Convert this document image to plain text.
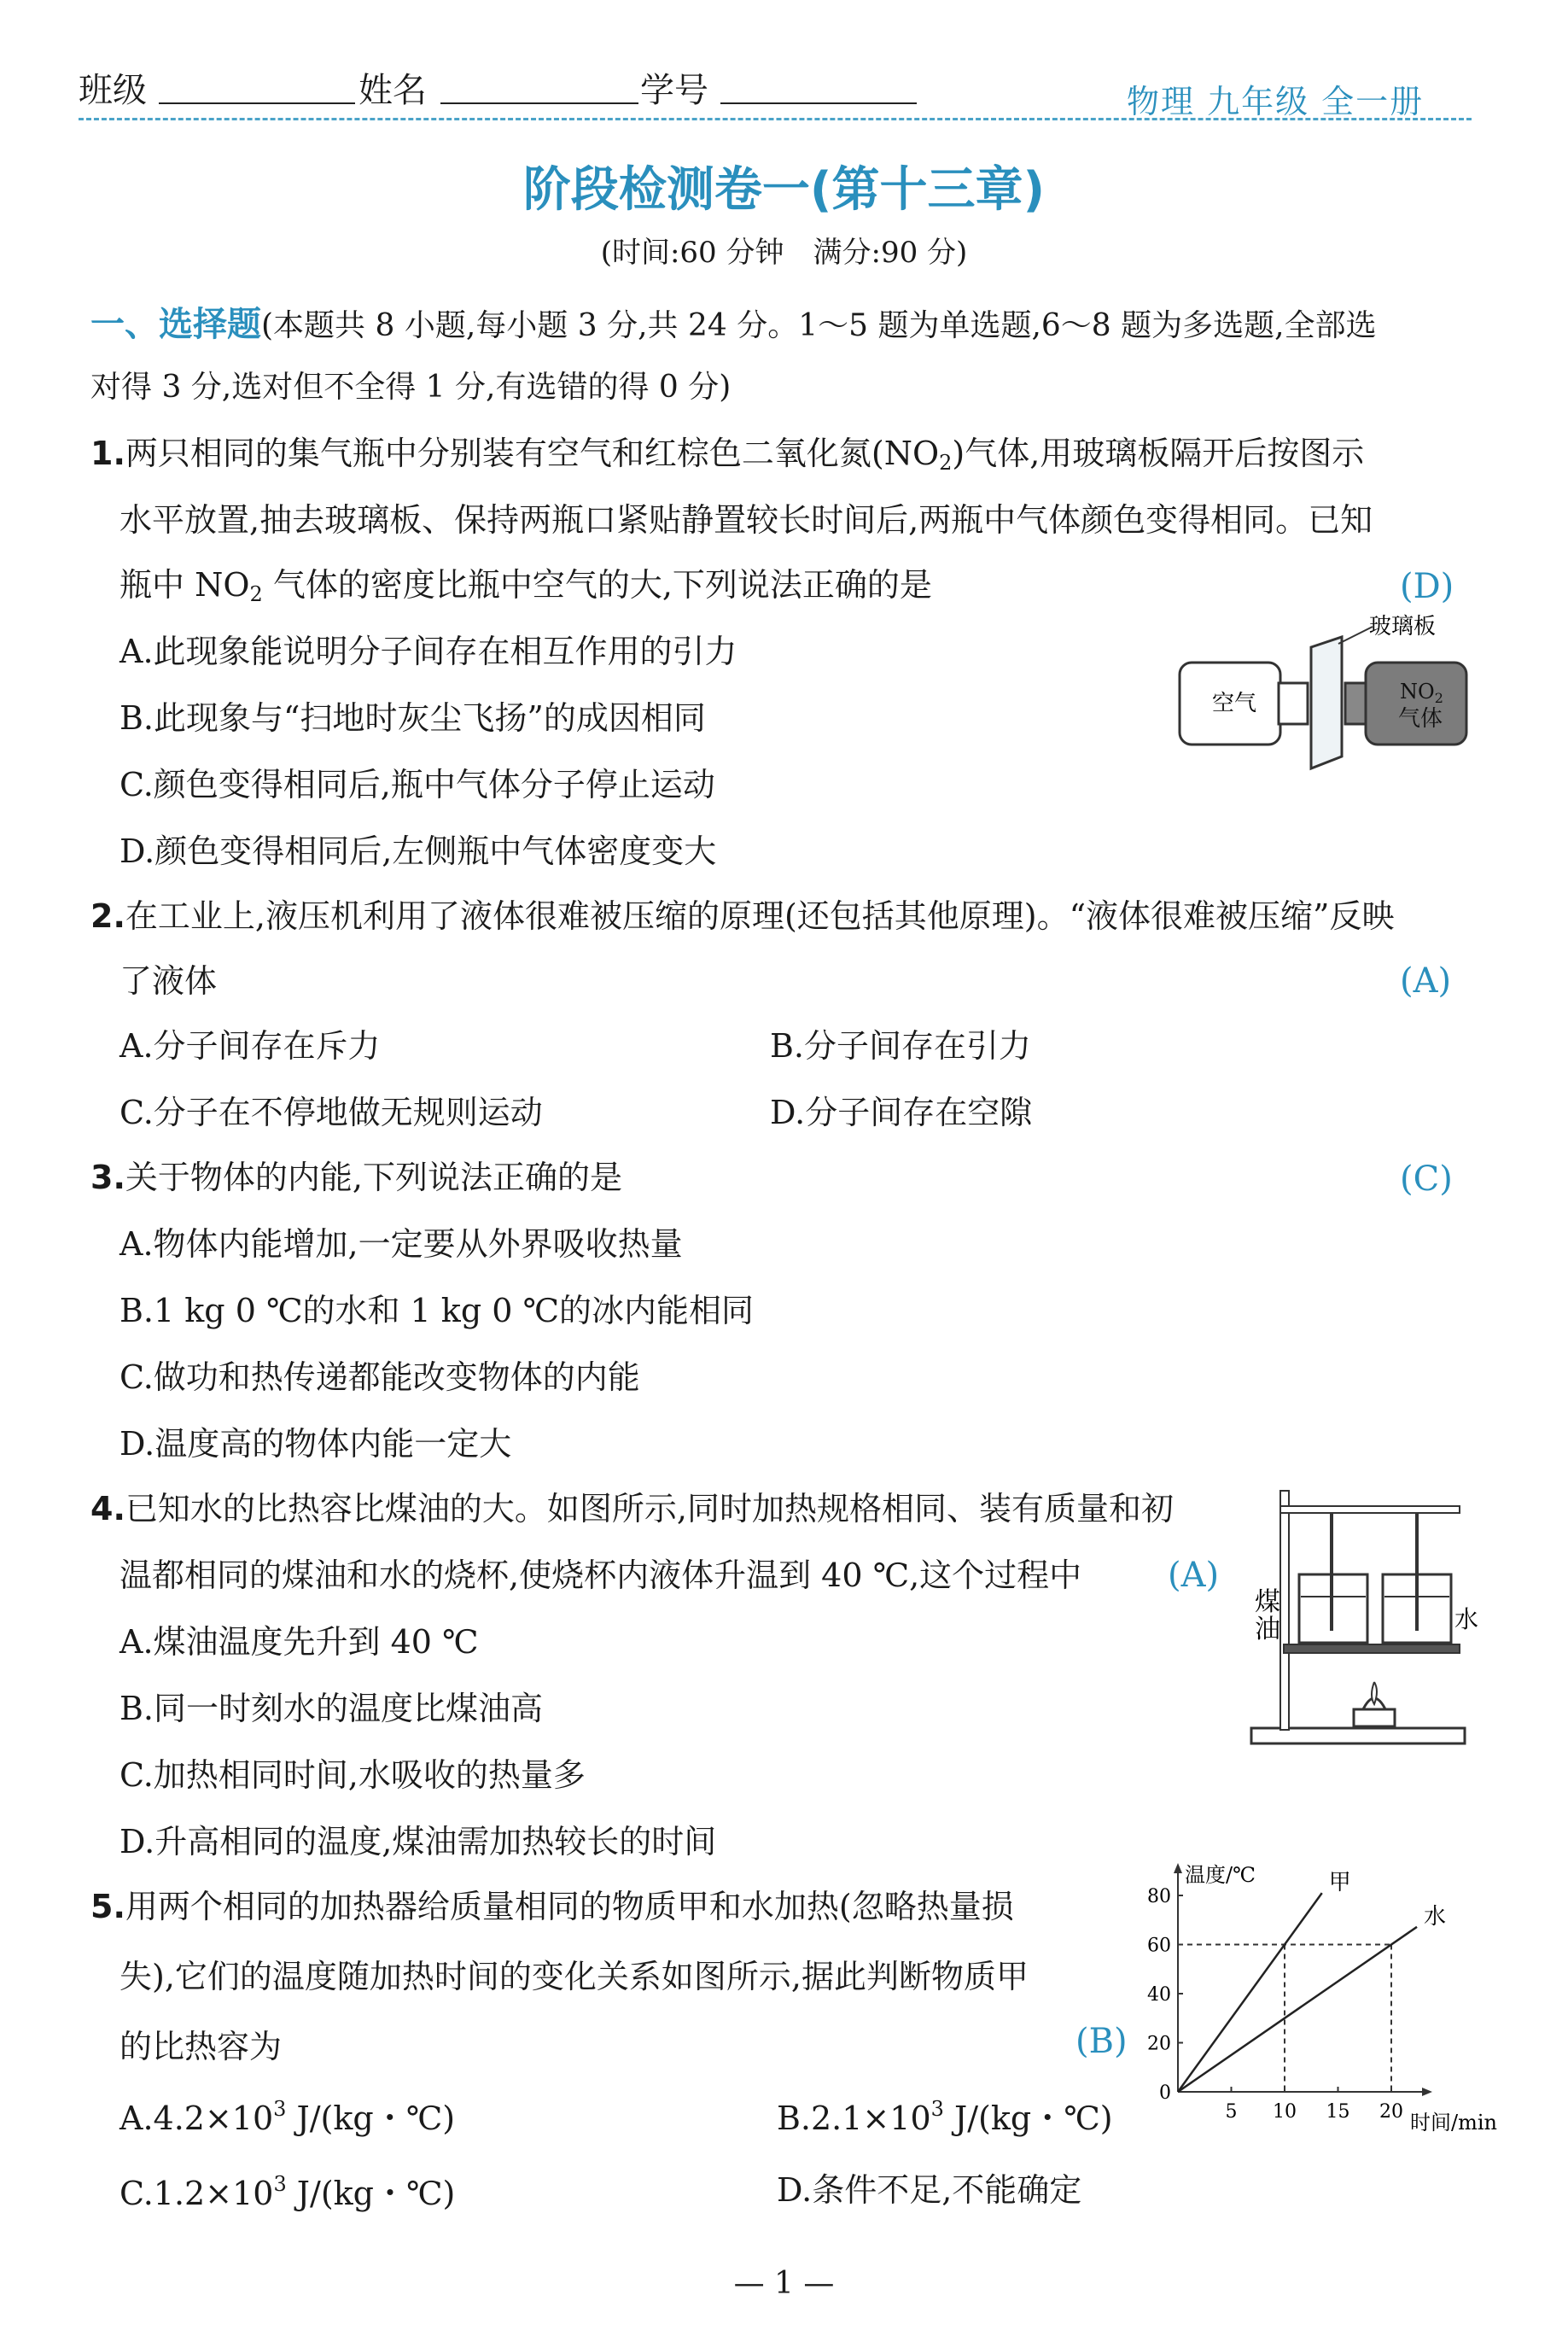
班级	姓名	学号	物理 九年级 全一册
阶段检测卷一(第十三章)
(时间:60 分钟　满分:90 分)
一、选择题(本题共 8 小题,每小题 3 分,共 24 分。1～5 题为单选题,6～8 题为多选题,全部选
对得 3 分,选对但不全得 1 分,有选错的得 0 分)
1.两只相同的集气瓶中分别装有空气和红棕色二氧化氮$(NO_2)$气体,用玻璃板隔开后按图示
水平放置,抽去玻璃板、保持两瓶口紧贴静置较长时间后,两瓶中气体颜色变得相同。已知
瓶中 $NO_2$ 气体的密度比瓶中空气的大,下列说法正确的是	(D)
A.此现象能说明分子间存在相互作用的引力
B.此现象与“扫地时灰尘飞扬”的成因相同
C.颜色变得相同后,瓶中气体分子停止运动
D.颜色变得相同后,左侧瓶中气体密度变大
玻璃板
空气	$NO_2$
气体
2.在工业上,液压机利用了液体很难被压缩的原理(还包括其他原理)。“液体很难被压缩”反映
了液体	(A)
A.分子间存在斥力	B.分子间存在引力
C.分子在不停地做无规则运动	D.分子间存在空隙
3.关于物体的内能,下列说法正确的是	(C)
A.物体内能增加,一定要从外界吸收热量
B.1 kg 0 ℃的水和 1 kg 0 ℃的冰内能相同
C.做功和热传递都能改变物体的内能
D.温度高的物体内能一定大
4.已知水的比热容比煤油的大。如图所示,同时加热规格相同、装有质量和初
温都相同的煤油和水的烧杯,使烧杯内液体升温到 40 ℃,这个过程中	(A)
A.煤油温度先升到 40 ℃
B.同一时刻水的温度比煤油高
C.加热相同时间,水吸收的热量多
D.升高相同的温度,煤油需加热较长的时间
煤
油	水
5.用两个相同的加热器给质量相同的物质甲和水加热(忽略热量损
失),它们的温度随加热时间的变化关系如图所示,据此判断物质甲
的比热容为	(B)
$A.4.2\times 10^3$ J/(kg・℃)	$B.2.1\times 10^3$ J/(kg・℃)
$C.1.2\times 10^3$ J/(kg・℃)	D.条件不足,不能确定
温度/℃
时间/min
0
20
40
60
80
5 10 15 20
甲
水
— 1 —
